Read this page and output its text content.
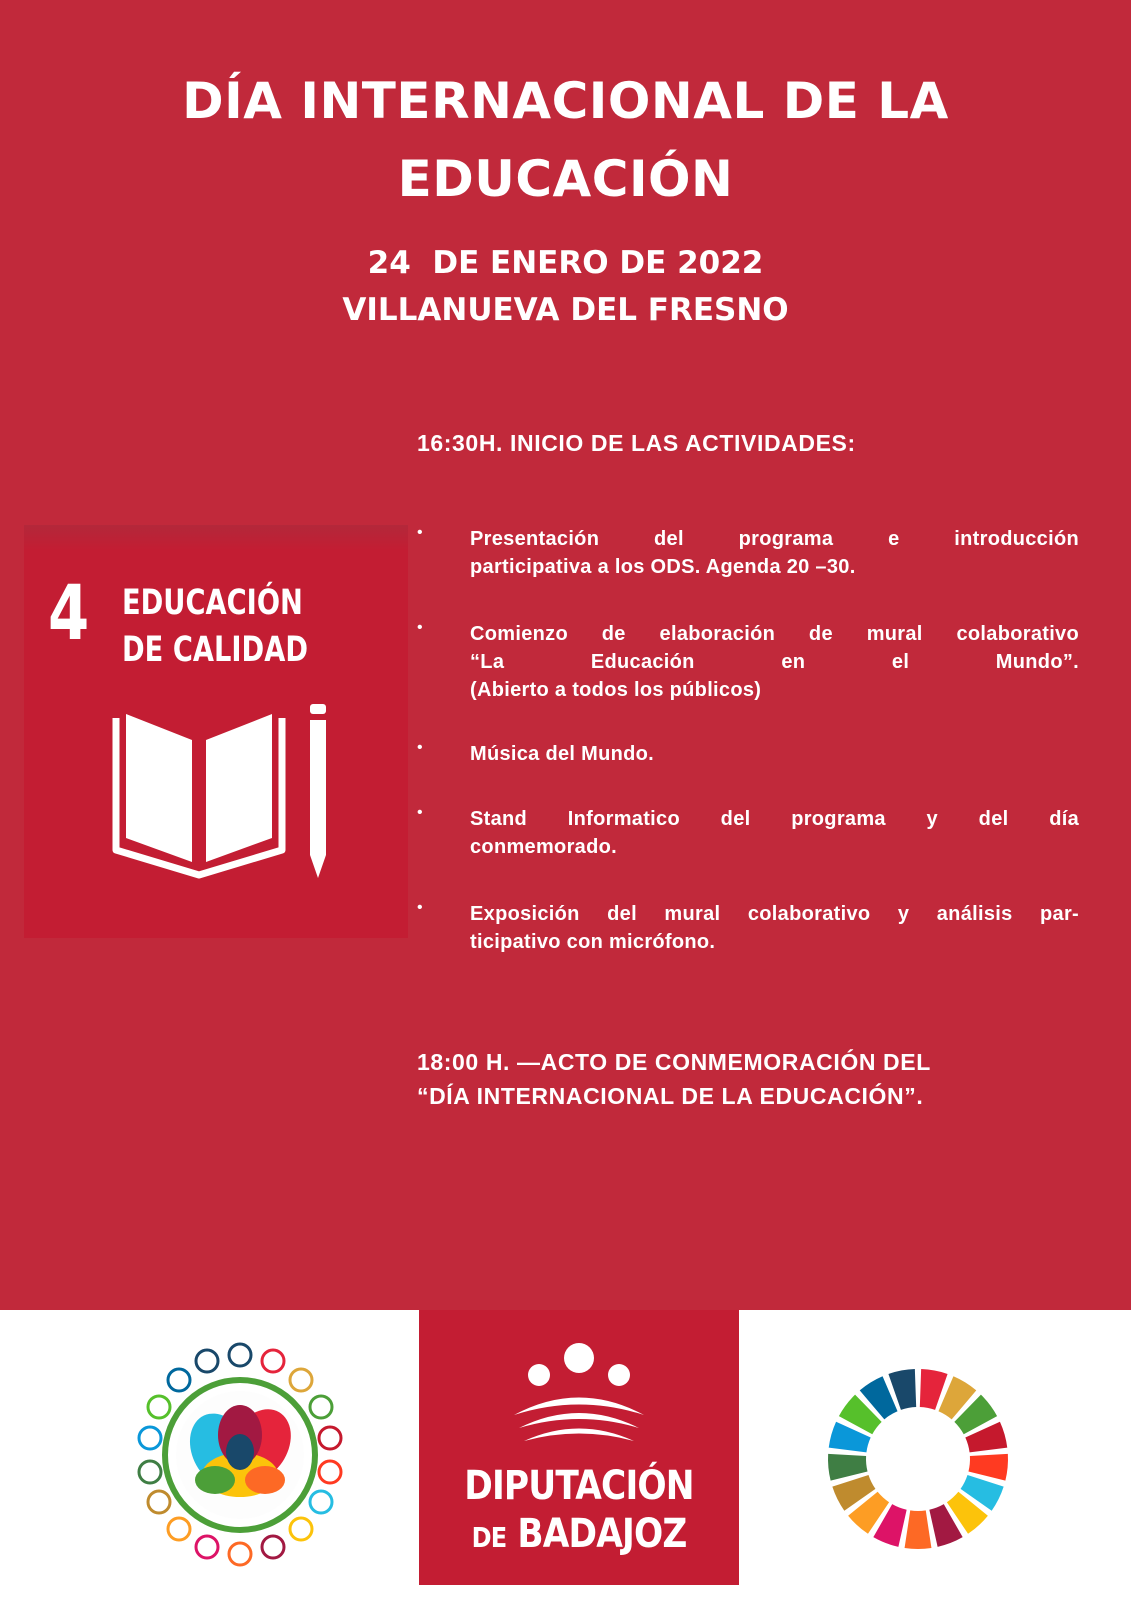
DÍA INTERNACIONAL DE LA
EDUCACIÓN
24  DE ENERO DE 2022
VILLANUEVA DEL FRESNO
4 EDUCACIÓN
DE CALIDAD

16:30H. INICIO DE LAS ACTIVIDADES:

• Presentación del programa e introducción
participativa a los ODS. Agenda 20 –30.
• Comienzo de elaboración de mural colaborativo
“La Educación en el Mundo”.
(Abierto a todos los públicos)
• Música del Mundo.
• Stand Informatico del programa y del día
conmemorado.
• Exposición del mural colaborativo y análisis par-
ticipativo con micrófono.
18:00 H. —ACTO DE CONMEMORACIÓN DEL
“DÍA INTERNACIONAL DE LA EDUCACIÓN”.
DIPUTACIÓN
DE BADAJOZ
